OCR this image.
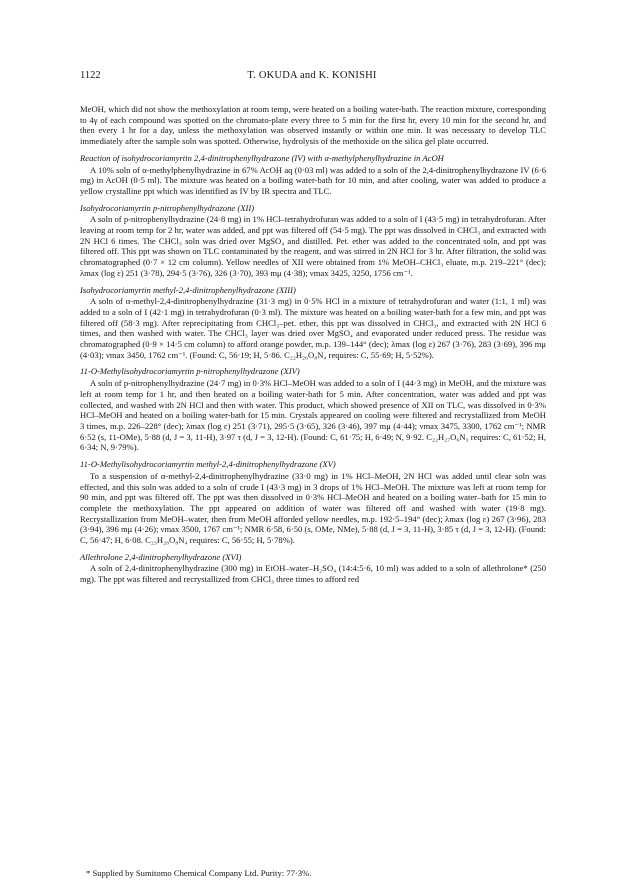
1122	T. OKUDA and K. KONISHI

MeOH, which did not show the methoxylation at room temp, were heated on a boiling water-bath. The reaction mixture, corresponding to 4γ of each compound was spotted on the chromato-plate every three to 5 min for the first hr, every 10 min for the second hr, and then every 1 hr for a day, unless the methoxylation was observed instantly or within one min. It was necessary to develop TLC immediately after the sample soln was spotted. Otherwise, hydrolysis of the methoxide on the silica gel plate occurred.

Reaction of isohydrocoriamyrtin 2,4-dinitrophenylhydrazone (IV) with α-methylphenylhydrazine in AcOH

A 10% soln of α-methylphenylhydrazine in 67% AcOH aq (0·03 ml) was added to a soln of the 2,4-dinitrophenylhydrazone IV (6·6 mg) in AcOH (0·5 ml). The mixture was heated on a boiling water-bath for 10 min, and after cooling, water was added to produce a yellow crystalline ppt which was identified as IV by IR spectra and TLC.

Isohydrocoriamyrtin p-nitrophenylhydrazone (XII)

A soln of p-nitrophenylhydrazine (24·8 mg) in 1% HCl–tetrahydrofuran was added to a soln of I (43·5 mg) in tetrahydrofuran. After leaving at room temp for 2 hr, water was added, and ppt was filtered off (54·5 mg). The ppt was dissolved in CHCl₃ and extracted with 2N HCl 6 times. The CHCl₃ soln was dried over MgSO₄ and distilled. Pet. ether was added to the concentrated soln, and ppt was filtered off. This ppt was shown on TLC contaminated by the reagent, and was stirred in 2N HCl for 3 hr. After filtration, the solid was chromatographed (0·7 × 12 cm column). Yellow needles of XII were obtained from 1% MeOH–CHCl₃ eluate, m.p. 219–221° (dec); λmax (log ε) 251 (3·78), 294·5 (3·76), 326 (3·70), 393 mμ (4·38); νmax 3425, 3250, 1756 cm⁻¹.

Isohydrocoriamyrtin methyl-2,4-dinitrophenylhydrazone (XIII)

A soln of α-methyl-2,4-dinitrophenylhydrazine (31·3 mg) in 0·5% HCl in a mixture of tetrahydrofuran and water (1:1, 1 ml) was added to a soln of I (42·1 mg) in tetrahydrofuran (0·3 ml). The mixture was heated on a boiling water-bath for a few min, and ppt was filtered off (58·3 mg). After reprecipitating from CHCl₃–pet. ether, this ppt was dissolved in CHCl₃, and extracted with 2N HCl 6 times, and then washed with water. The CHCl₃ layer was dried over MgSO₄ and evaporated under reduced press. The residue was chromatographed (0·9 × 14·5 cm column) to afford orange powder, m.p. 139–144° (dec); λmax (log ε) 267 (3·76), 283 (3·69), 396 mμ (4·03); νmax 3450, 1762 cm⁻¹. (Found: C, 56·19; H, 5·86. C₂₂H₂₆O₈N₄ requires: C, 55·69; H, 5·52%).

11-O-Methylisohydrocoriamyrtin p-nitrophenylhydrazone (XIV)

A soln of p-nitrophenylhydrazine (24·7 mg) in 0·3% HCl–MeOH was added to a soln of I (44·3 mg) in MeOH, and the mixture was left at room temp for 1 hr, and then heated on a boiling water-bath for 5 min. After concentration, water was added and ppt was collected, and washed with 2N HCl and then with water. This product, which showed presence of XII on TLC, was dissolved in 0·3% HCl–MeOH and heated on a boiling water-bath for 15 min. Crystals appeared on cooling were filtered and recrystallized from MeOH 3 times, m.p. 226–228° (dec); λmax (log ε) 251 (3·71), 295·5 (3·65), 326 (3·46), 397 mμ (4·44); νmax 3475, 3300, 1762 cm⁻¹; NMR 6·52 (s, 11-OMe), 5·88 (d, J = 3, 11-H), 3·97 τ (d, J = 3, 12-H). (Found: C, 61·75; H, 6·49; N, 9·92. C₂₂H₂₇O₆N₃ requires: C, 61·52; H, 6·34; N, 9·79%).

11-O-Methylisohydrocoriamyrtin methyl-2,4-dinitrophenylhydrazone (XV)

To a suspension of α-methyl-2,4-dinitrophenylhydrazine (33·0 mg) in 1% HCl–MeOH, 2N HCl was added until clear soln was effected, and this soln was added to a soln of crude I (43·3 mg) in 3 drops of 1% HCl–MeOH. The mixture was left at room temp for 90 min, and ppt was filtered off. The ppt was then dissolved in 0·3% HCl–MeOH and heated on a boiling water–bath for 15 min to complete the methoxylation. The ppt appeared on addition of water was filtered off and washed with water (19·8 mg). Recrystallization from MeOH–water, then from MeOH afforded yellow needles, m.p. 192·5–194° (dec); λmax (log ε) 267 (3·96), 283 (3·94), 396 mμ (4·26); νmax 3500, 1767 cm⁻¹; NMR 6·58, 6·50 (s, OMe, NMe), 5·88 (d, J = 3, 11-H), 3·85 τ (d, J = 3, 12-H). (Found: C, 56·47; H, 6·08. C₂₃H₂₈O₈N₄ requires: C, 56·55; H, 5·78%).

Allethrolone 2,4-dinitrophenylhydrazone (XVI)

A soln of 2,4-dinitrophenylhydrazine (300 mg) in EtOH–water–H₂SO₄ (14:4:5·6, 10 ml) was added to a soln of allethrolone* (250 mg). The ppt was filtered and recrystallized from CHCl₃ three times to afford red

* Supplied by Sumitomo Chemical Company Ltd. Purity: 77·3%.
